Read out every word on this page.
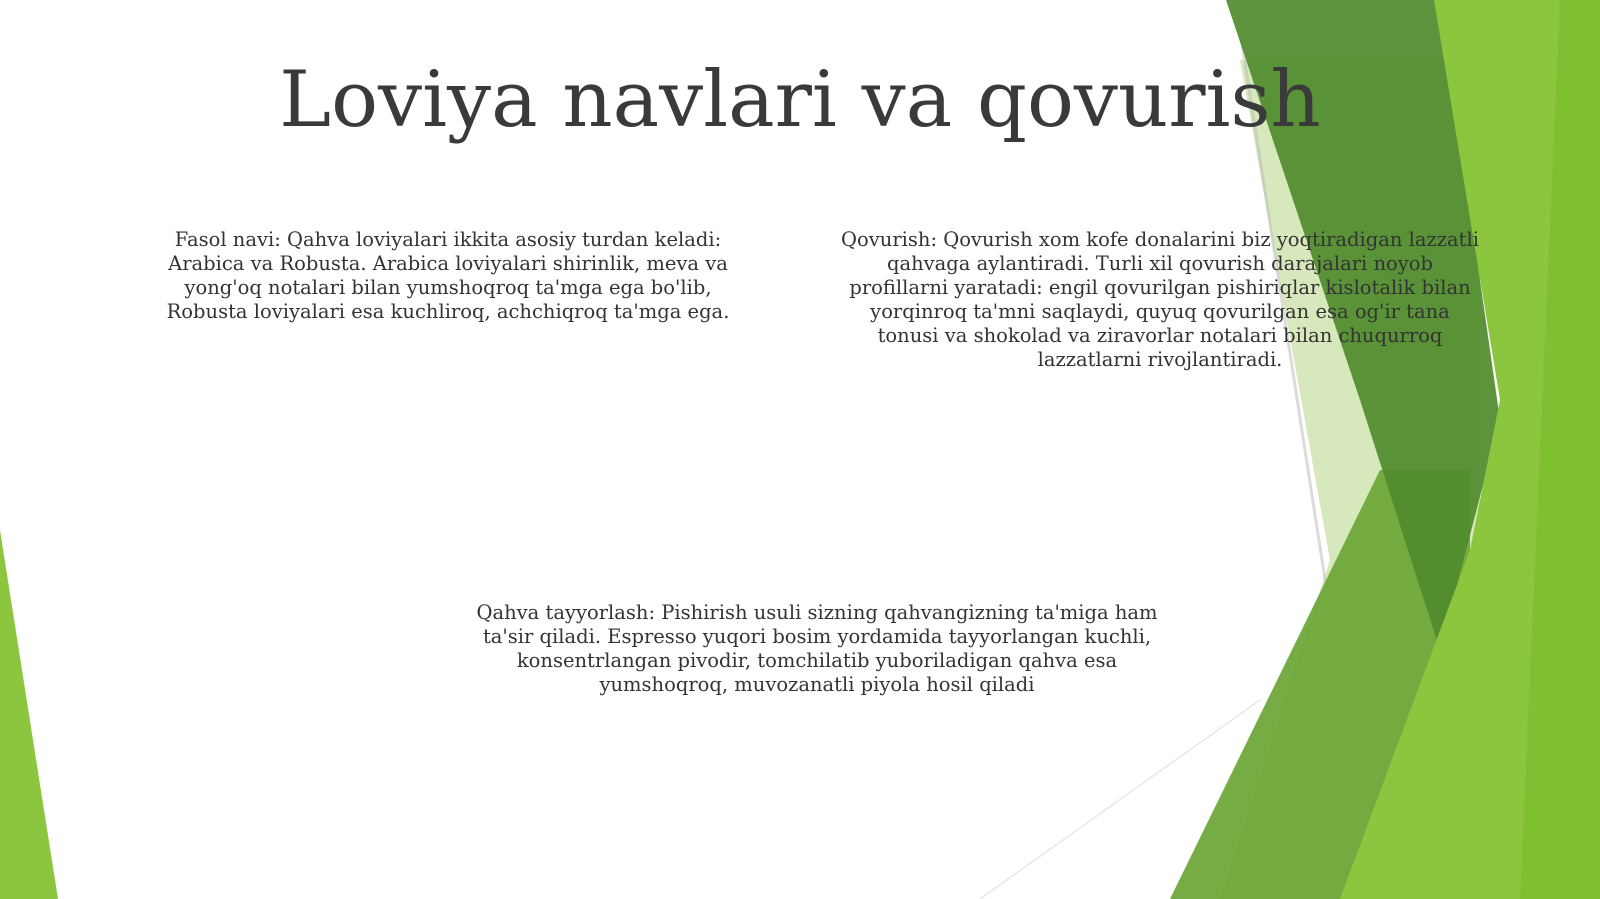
Loviya navlari va qovurish

Fasol navi: Qahva loviyalari ikkita asosiy turdan keladi: Arabica va Robusta. Arabica loviyalari shirinlik, meva va yong'oq notalari bilan yumshoqroq ta'mga ega bo'lib, Robusta loviyalari esa kuchliroq, achchiqroq ta'mga ega.

Qovurish: Qovurish xom kofe donalarini biz yoqtiradigan lazzatli qahvaga aylantiradi. Turli xil qovurish darajalari noyob profillarni yaratadi: engil qovurilgan pishiriqlar kislotalik bilan yorqinroq ta'mni saqlaydi, quyuq qovurilgan esa og'ir tana tonusi va shokolad va ziravorlar notalari bilan chuqurroq lazzatlarni rivojlantiradi.

Qahva tayyorlash: Pishirish usuli sizning qahvangizning ta'miga ham ta'sir qiladi. Espresso yuqori bosim yordamida tayyorlangan kuchli, konsentrlangan pivodir, tomchilatib yuboriladigan qahva esa yumshoqroq, muvozanatli piyola hosil qiladi
